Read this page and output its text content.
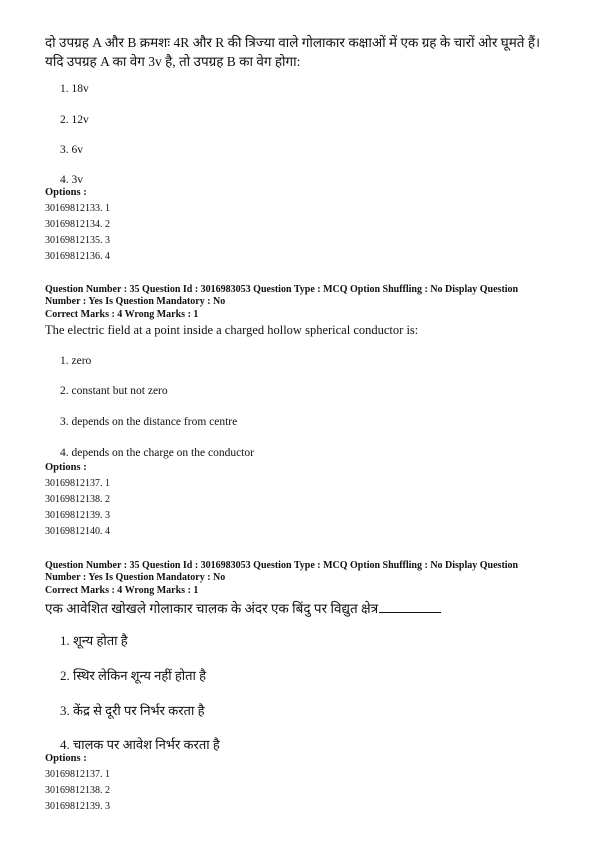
दो उपग्रह A और B क्रमशः 4R और R की त्रिज्या वाले गोलाकार कक्षाओं में एक ग्रह के चारों ओर घूमते हैं।
यदि उपग्रह A का वेग 3v है, तो उपग्रह B का वेग होगा:
1. 18v
2. 12v
3. 6v
4. 3v
Options :
30169812133. 1
30169812134. 2
30169812135. 3
30169812136. 4
Question Number : 35 Question Id : 3016983053 Question Type : MCQ Option Shuffling : No Display Question
Number : Yes Is Question Mandatory : No
Correct Marks : 4 Wrong Marks : 1
The electric field at a point inside a charged hollow spherical conductor is:
1. zero
2. constant but not zero
3. depends on the distance from centre
4. depends on the charge on the conductor
Options :
30169812137. 1
30169812138. 2
30169812139. 3
30169812140. 4
Question Number : 35 Question Id : 3016983053 Question Type : MCQ Option Shuffling : No Display Question
Number : Yes Is Question Mandatory : No
Correct Marks : 4 Wrong Marks : 1
एक आवेशित खोखले गोलाकार चालक के अंदर एक बिंदु पर विद्युत क्षेत्र
1. शून्य होता है
2. स्थिर लेकिन शून्य नहीं होता है
3. केंद्र से दूरी पर निर्भर करता है
4. चालक पर आवेश निर्भर करता है
Options :
30169812137. 1
30169812138. 2
30169812139. 3
